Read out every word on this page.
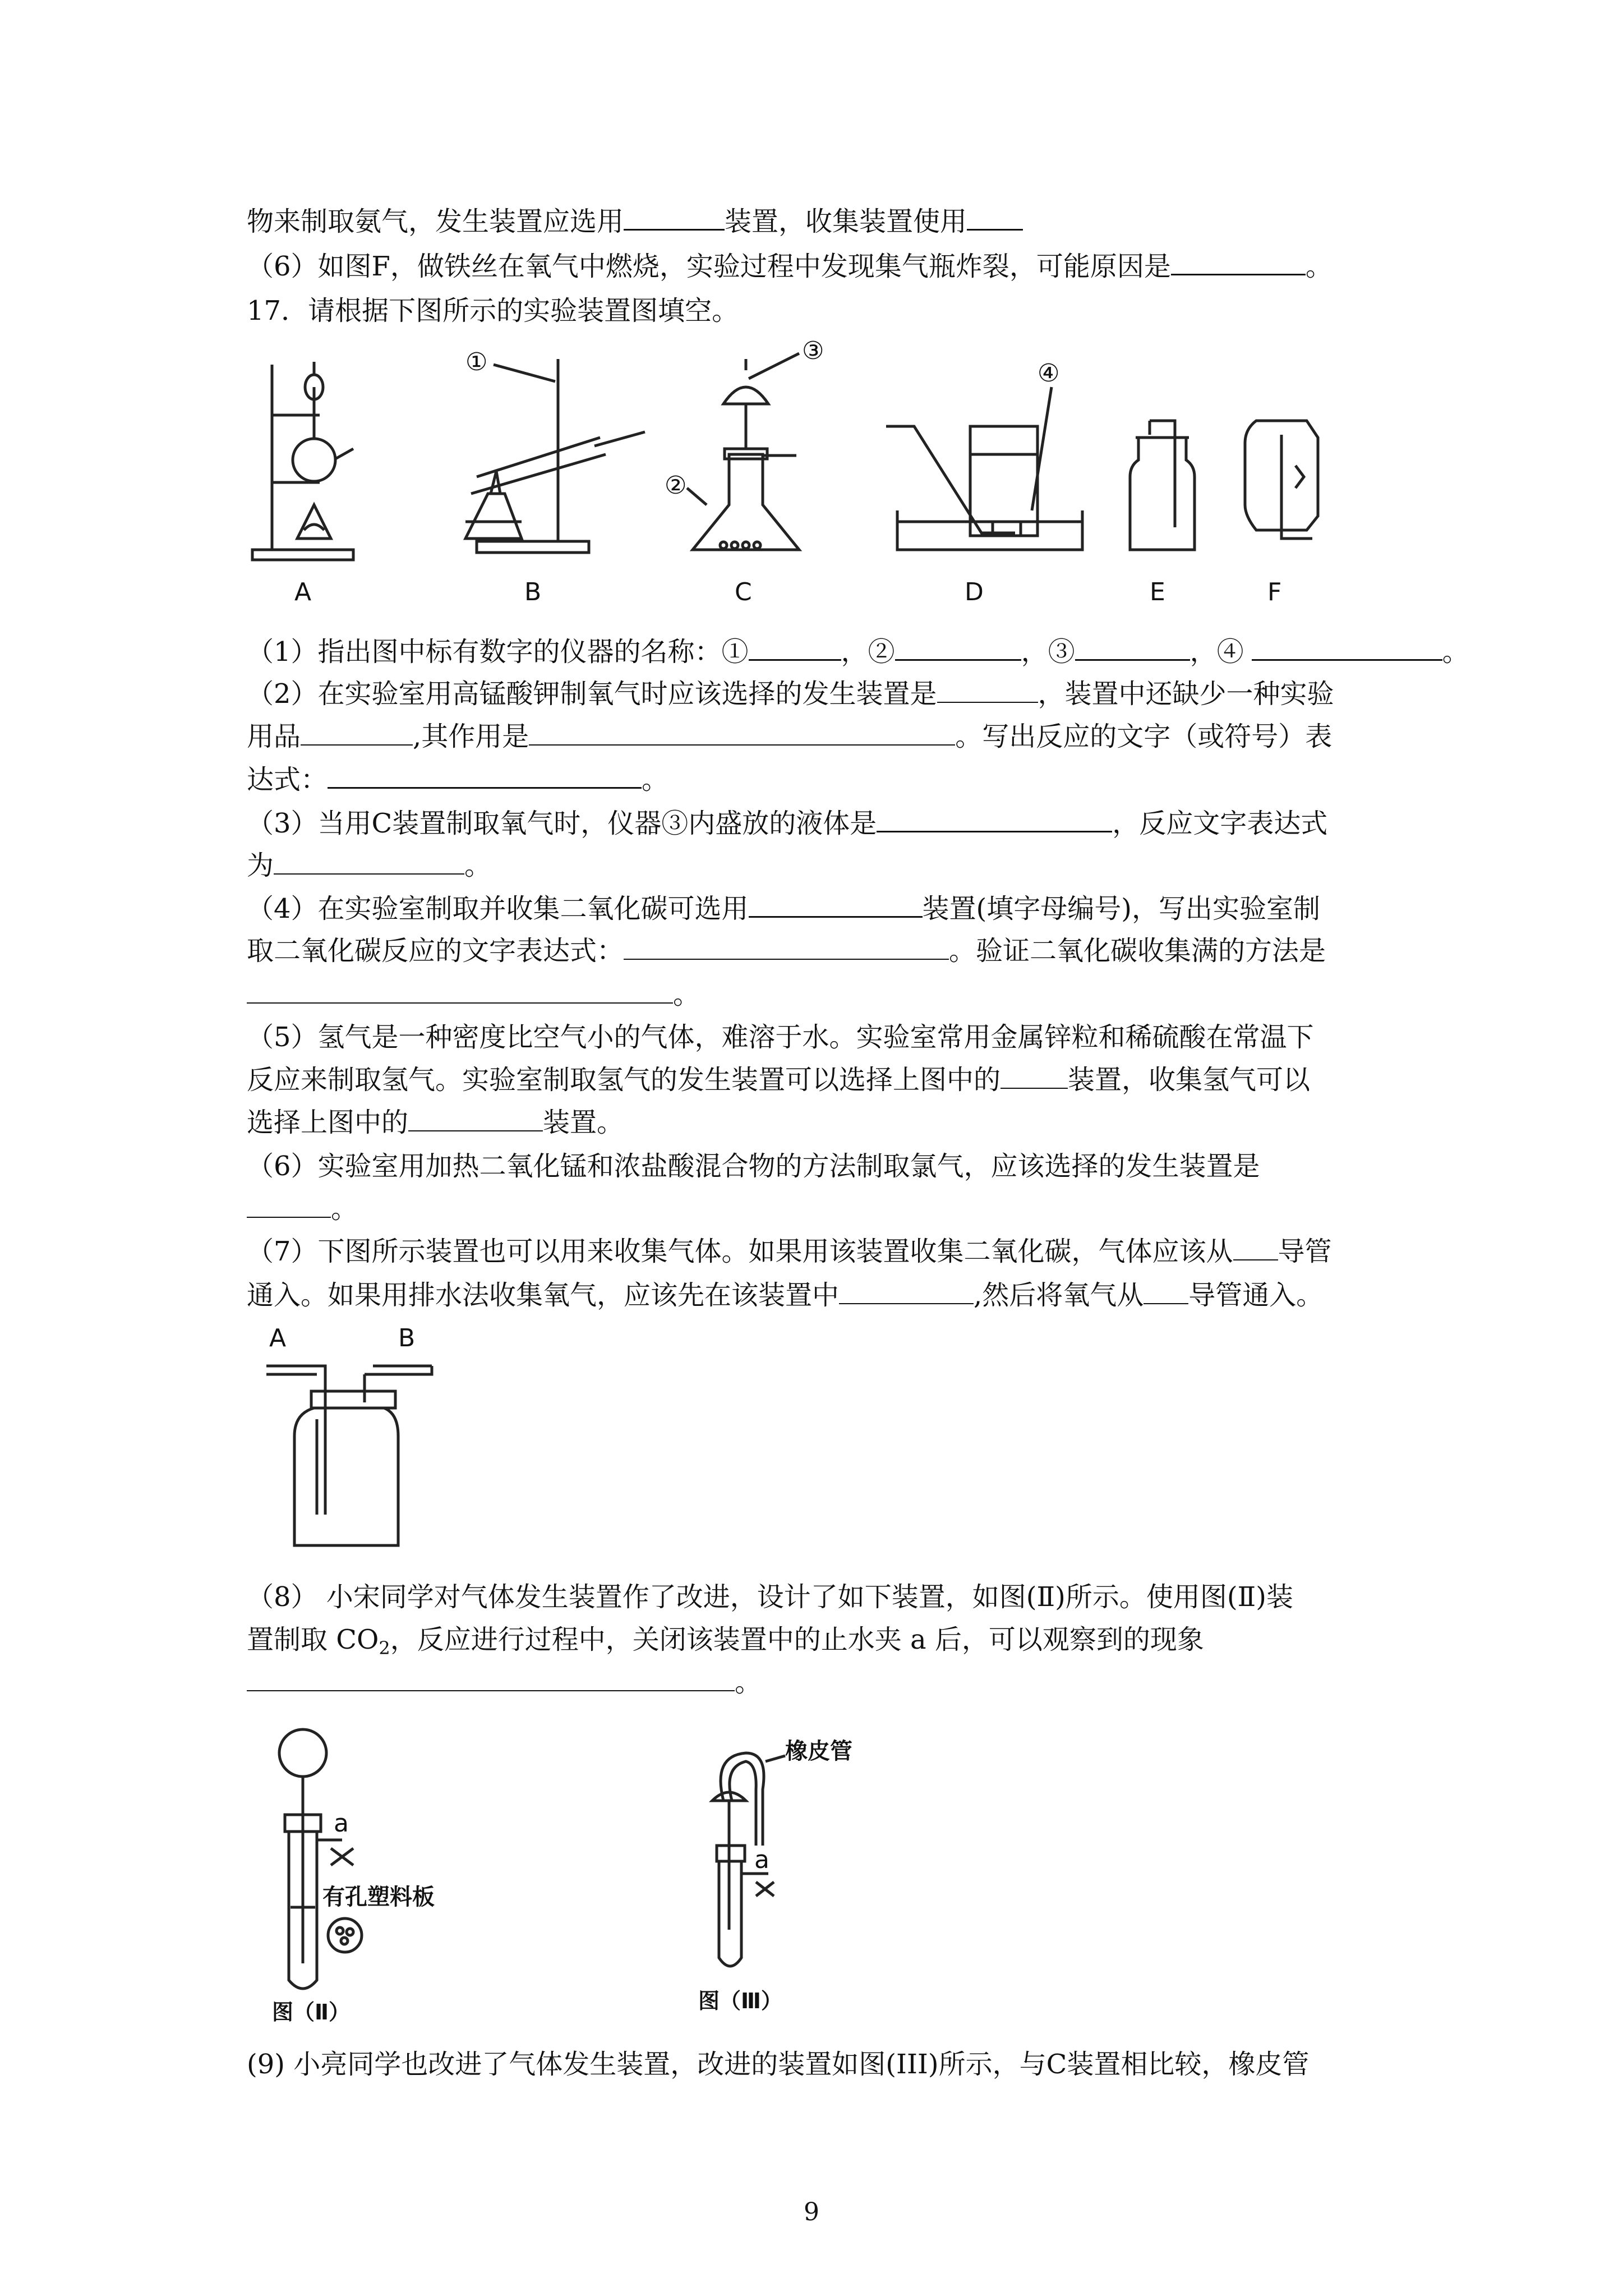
物来制取氨气，发生装置应选用	装置，收集装置使用
（6）如图F，做铁丝在氧气中燃烧，实验过程中发现集气瓶炸裂，可能原因是	。
17．请根据下图所示的实验装置图填空。
A	B
①
C
③
②
D
④
E	F
（1）指出图中标有数字的仪器的名称：①	，②	，③	，④	。
（2）在实验室用高锰酸钾制氧气时应该选择的发生装置是	，装置中还缺少一种实验
用品	,其作用是	。写出反应的文字（或符号）表
达式：	。
（3）当用C装置制取氧气时，仪器③内盛放的液体是	，反应文字表达式
为	。
（4）在实验室制取并收集二氧化碳可选用	装置(填字母编号)，写出实验室制
取二氧化碳反应的文字表达式：	。验证二氧化碳收集满的方法是
。
（5）氢气是一种密度比空气小的气体，难溶于水。实验室常用金属锌粒和稀硫酸在常温下
反应来制取氢气。实验室制取氢气的发生装置可以选择上图中的	装置，收集氢气可以
选择上图中的	装置。
（6）实验室用加热二氧化锰和浓盐酸混合物的方法制取氯气，应该选择的发生装置是
。
（7）下图所示装置也可以用来收集气体。如果用该装置收集二氧化碳，气体应该从 导管
通入。如果用排水法收集氧气，应该先在该装置中	,然后将氧气从 导管通入。
A	B
（8） 小宋同学对气体发生装置作了改进，设计了如下装置，如图(Ⅱ)所示。使用图(Ⅱ)装
置制取 $CO_2$，反应进行过程中，关闭该装置中的止水夹 a 后，可以观察到的现象
。
a
有孔塑料板
图（Ⅱ）
a
橡皮管
图（Ⅲ）
(9) 小亮同学也改进了气体发生装置，改进的装置如图(III)所示，与C装置相比较，橡皮管
9
